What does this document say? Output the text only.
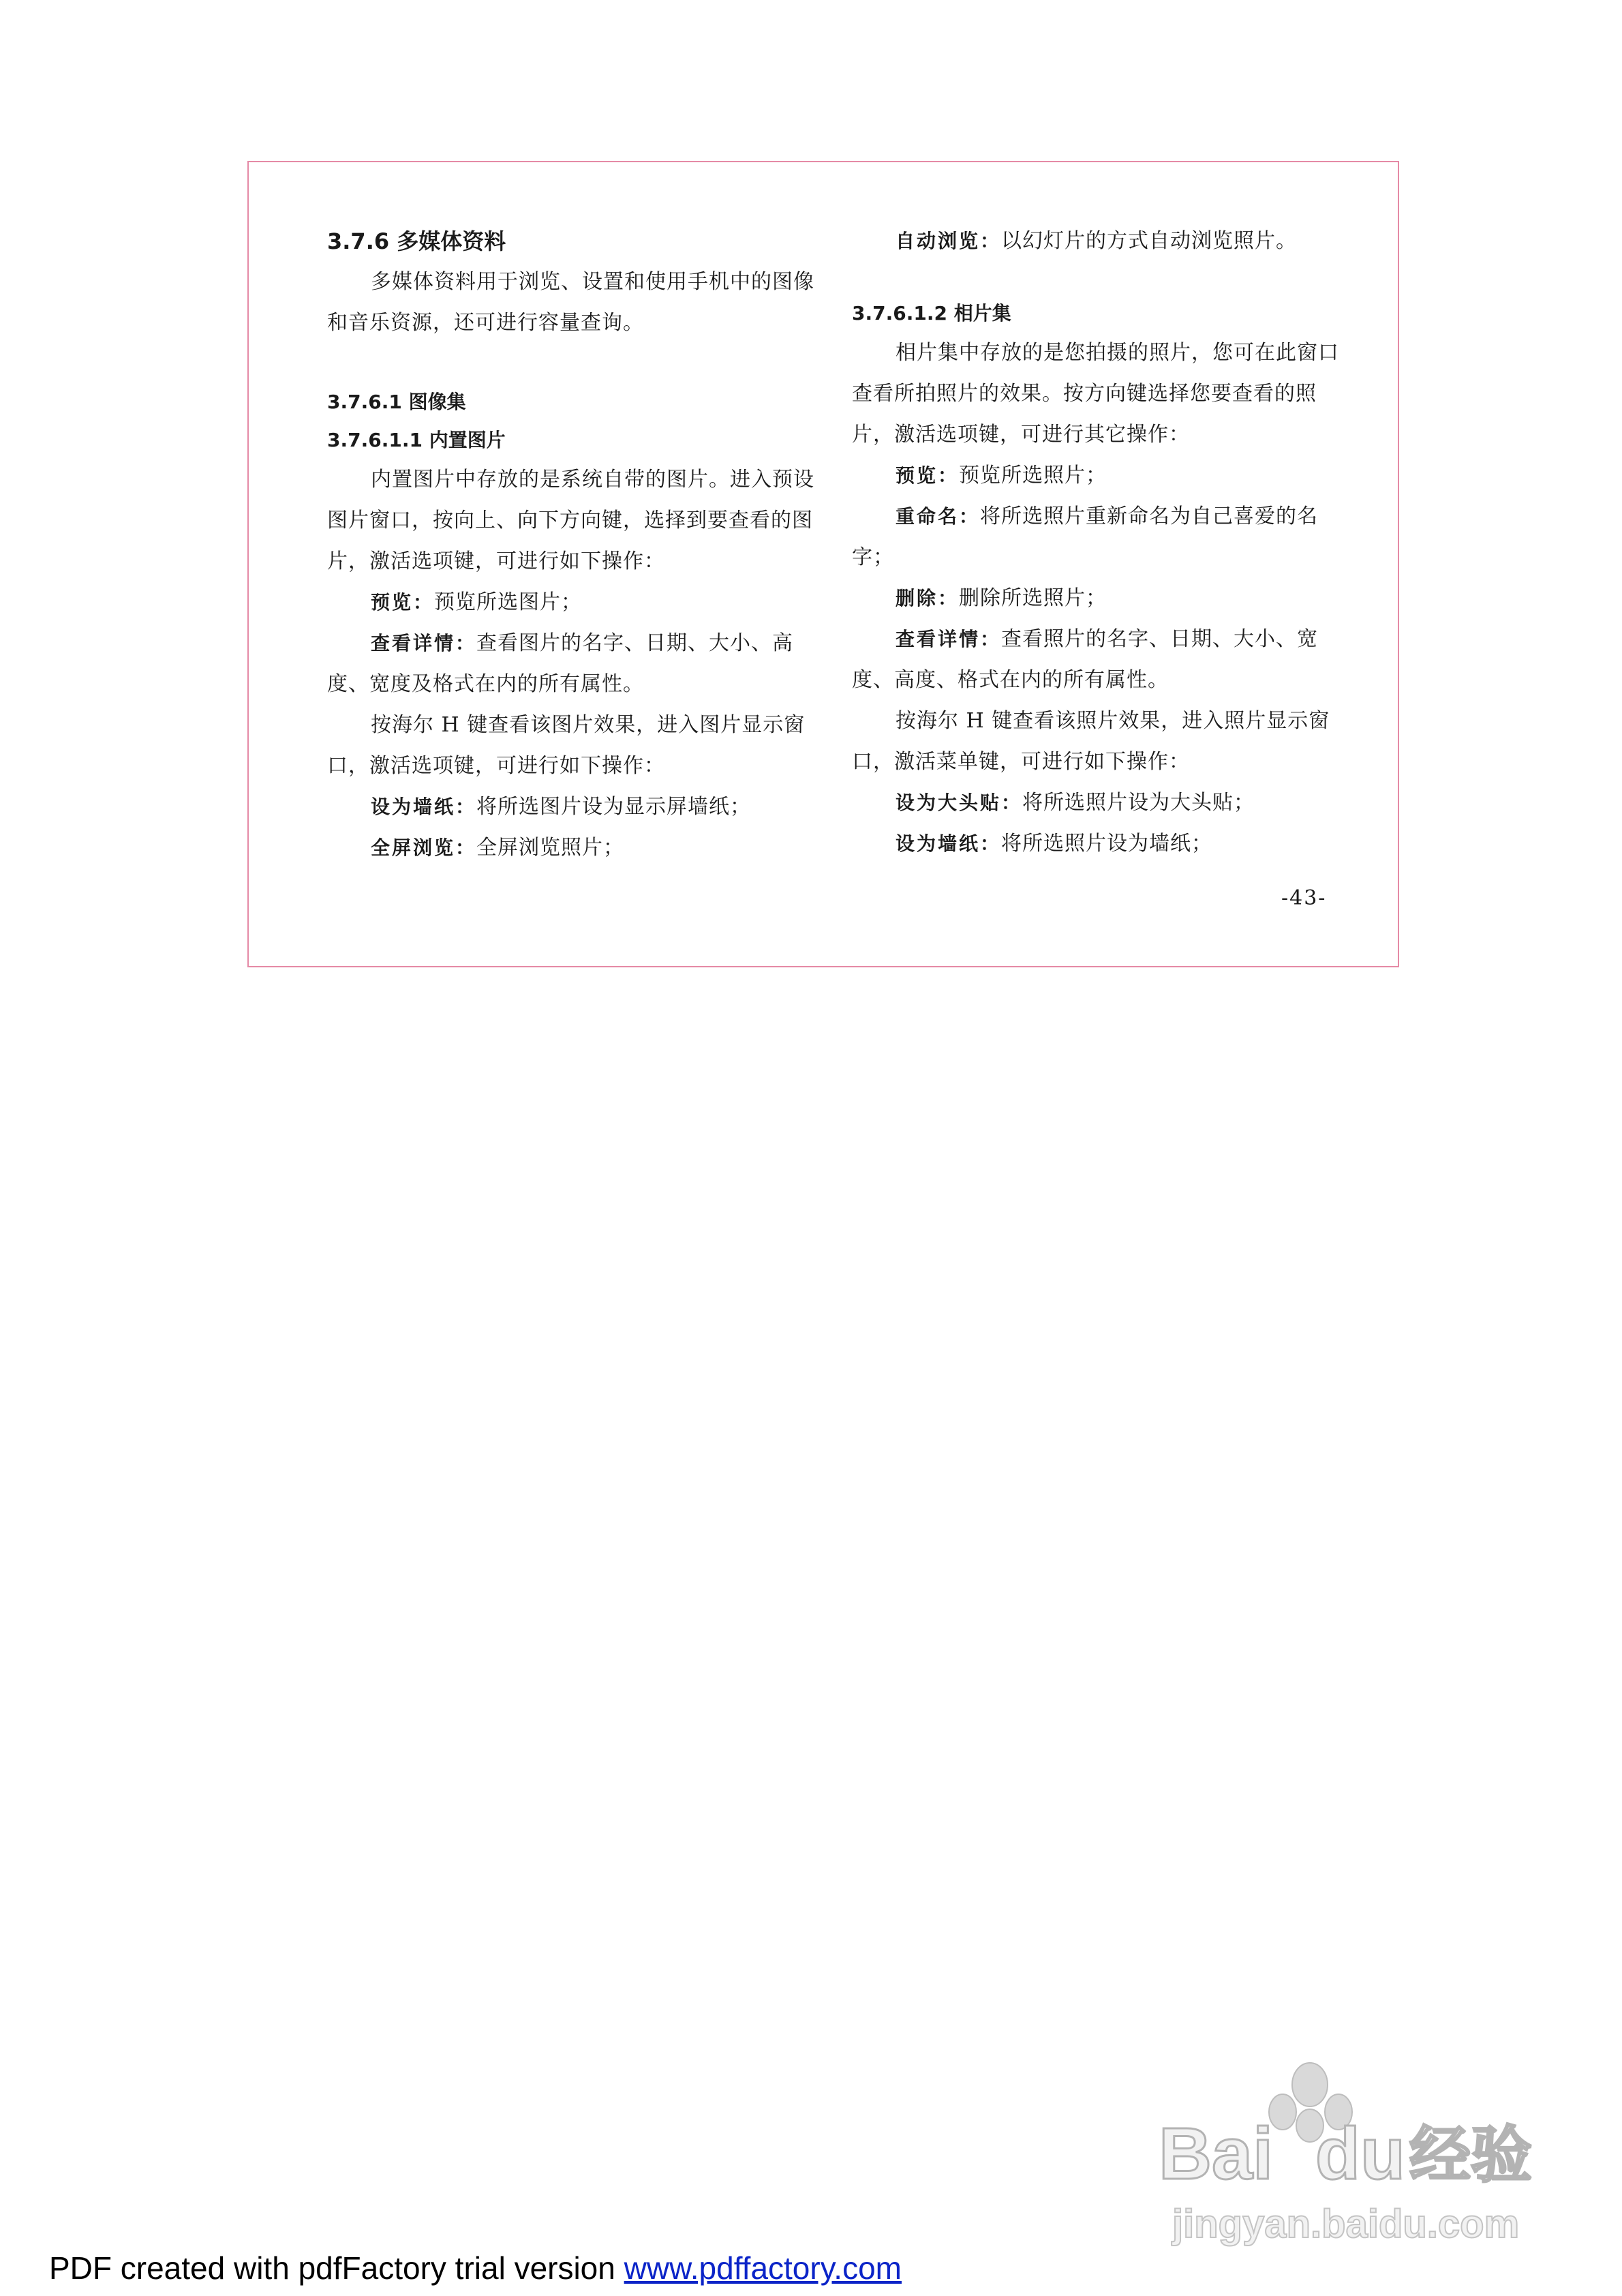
3.7.6 多媒体资料

多媒体资料用于浏览、设置和使用手机中的图像和音乐资源，还可进行容量查询。

3.7.6.1 图像集
3.7.6.1.1 内置图片

内置图片中存放的是系统自带的图片。进入预设图片窗口，按向上、向下方向键，选择到要查看的图片，激活选项键，可进行如下操作：

预览：预览所选图片；

查看详情：查看图片的名字、日期、大小、高度、宽度及格式在内的所有属性。

按海尔 H 键查看该图片效果，进入图片显示窗口，激活选项键，可进行如下操作：

设为墙纸：将所选图片设为显示屏墙纸；

全屏浏览：全屏浏览照片；

自动浏览：以幻灯片的方式自动浏览照片。

3.7.6.1.2 相片集

相片集中存放的是您拍摄的照片，您可在此窗口查看所拍照片的效果。按方向键选择您要查看的照片，激活选项键，可进行其它操作：

预览：预览所选照片；

重命名：将所选照片重新命名为自己喜爱的名字；

删除：删除所选照片；

查看详情：查看照片的名字、日期、大小、宽度、高度、格式在内的所有属性。

按海尔 H 键查看该照片效果，进入照片显示窗口，激活菜单键，可进行如下操作：

设为大头贴：将所选照片设为大头贴；

设为墙纸：将所选照片设为墙纸；

-43-
Bai du 经验
jingyan.baidu.com
PDF created with pdfFactory trial version www.pdffactory.com
